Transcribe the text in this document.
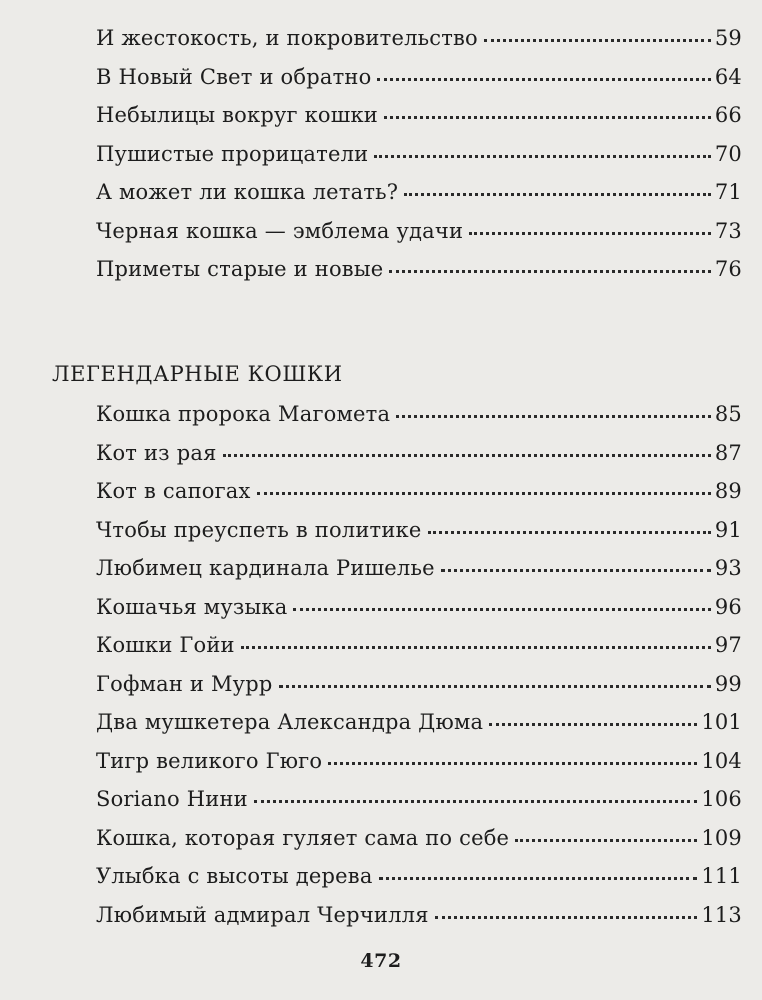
И жестокость, и покровительство	59
В Новый Свет и обратно	64
Небылицы вокруг кошки	66
Пушистые прорицатели	70
А может ли кошка летать?	71
Черная кошка — эмблема удачи	73
Приметы старые и новые	76
ЛЕГЕНДАРНЫЕ КОШКИ
Кошка пророка Магомета	85
Кот из рая	87
Кот в сапогах	89
Чтобы преуспеть в политике	91
Любимец кардинала Ришелье	93
Кошачья музыка	96
Кошки Гойи	97
Гофман и Мурр	99
Два мушкетера Александра Дюма	101
Тигр великого Гюго	104
Soriano Нини	106
Кошка, которая гуляет сама по себе	109
Улыбка с высоты дерева	111
Любимый адмирал Черчилля	113
472
